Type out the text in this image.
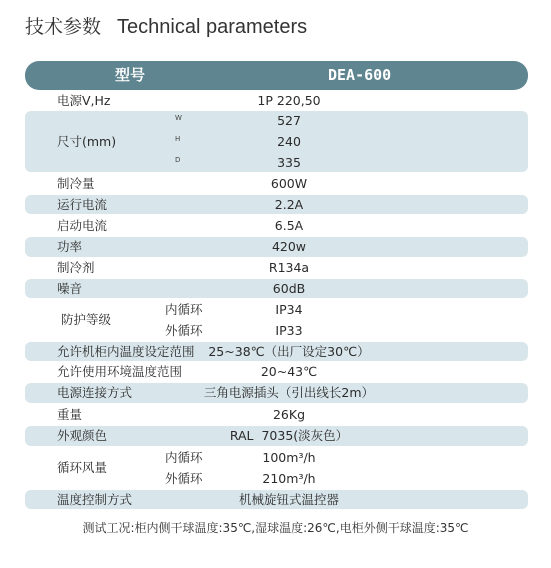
技术参数 Technical parameters
型号	DEA-600
电源V,Hz	1P 220,50
尺寸(mm)
W	527
H	240
D	335
制冷量	600W
运行电流	2.2A
启动电流	6.5A
功率	420w
制冷剂	R134a
噪音	60dB
防护等级
内循环	IP34
外循环	IP33
允许机柜内温度设定范围 25~38℃（出厂设定30℃）
允许使用环境温度范围	20~43℃
电源连接方式	三角电源插头（引出线长2m）
重量	26Kg
外观颜色	RAL  7035(淡灰色）
循环风量
内循环	100m³/h
外循环	210m³/h
温度控制方式	机械旋钮式温控器
测试工况:柜内侧干球温度:35℃,湿球温度:26℃,电柜外侧干球温度:35℃
